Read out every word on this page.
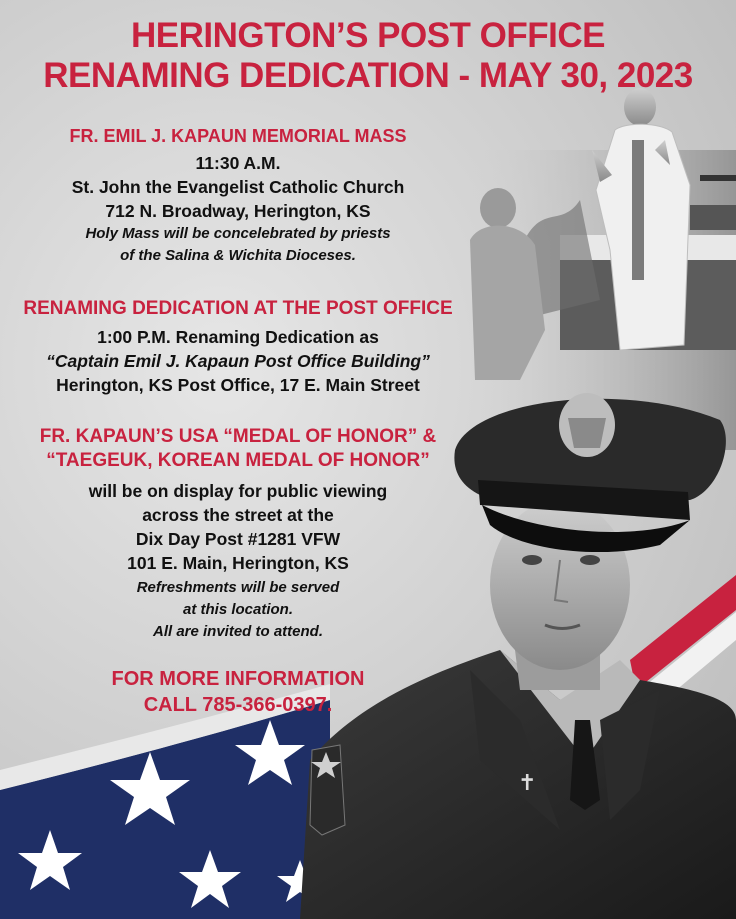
✝
HERINGTON’S POST OFFICE
RENAMING DEDICATION - MAY 30, 2023
FR. EMIL J. KAPAUN MEMORIAL MASS
11:30 A.M.
St. John the Evangelist Catholic Church
712 N. Broadway, Herington, KS
Holy Mass will be concelebrated by priests
of the Salina & Wichita Dioceses.
RENAMING DEDICATION AT THE POST OFFICE
1:00 P.M. Renaming Dedication as
“Captain Emil J. Kapaun Post Office Building”
Herington, KS Post Office, 17 E. Main Street
FR. KAPAUN’S USA “MEDAL OF HONOR” &
“TAEGEUK, KOREAN MEDAL OF HONOR”
will be on display for public viewing
across the street at the
Dix Day Post #1281 VFW
101 E. Main, Herington, KS
Refreshments will be served
at this location.
All are invited to attend.
FOR MORE INFORMATION
CALL 785-366-0397.
